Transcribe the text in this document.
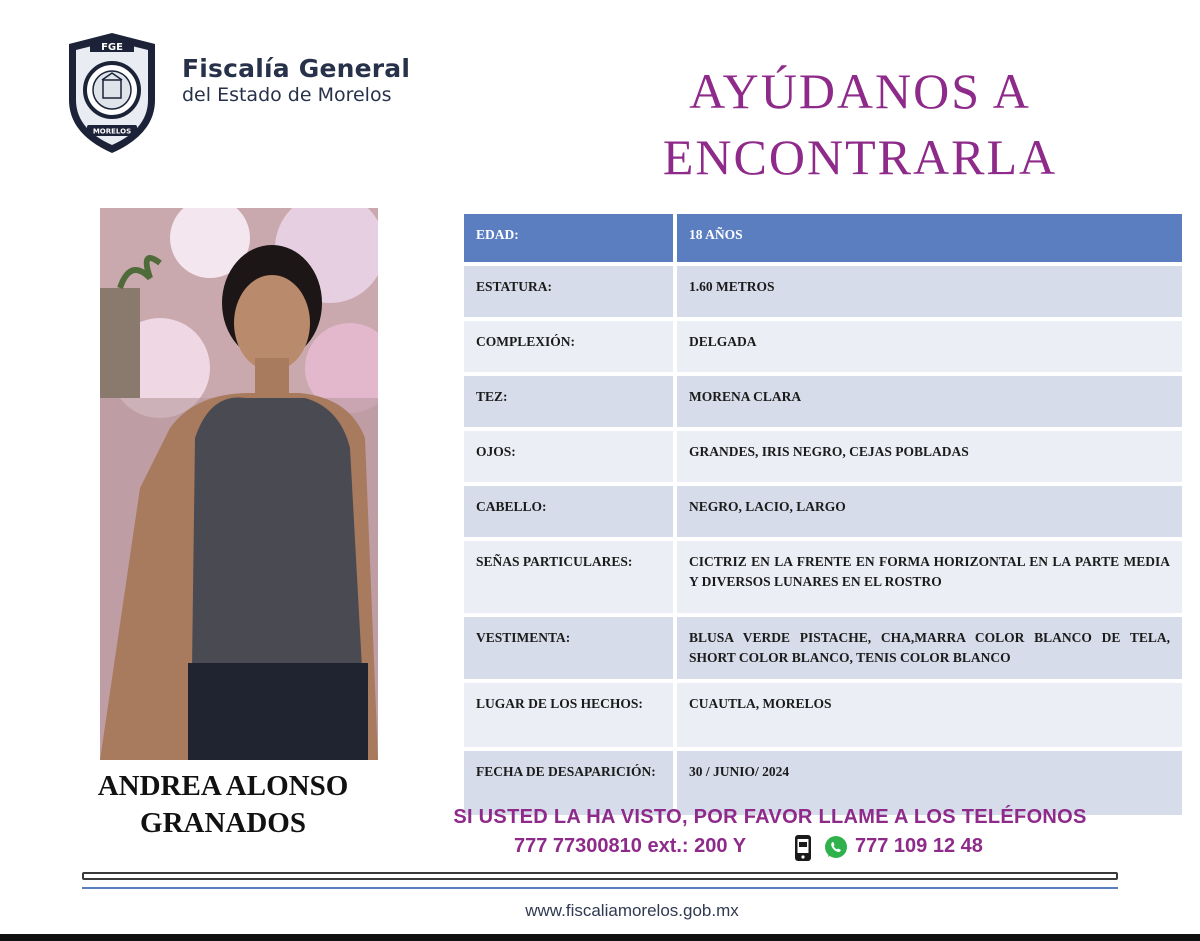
FGE
MORELOS
Fiscalía General
del Estado de Morelos	AYÚDANOS A
ENCONTRARLA
ANDREA ALONSO
GRANADOS
EDAD:	18 AÑOS
ESTATURA:	1.60 METROS
COMPLEXIÓN:	DELGADA
TEZ:	MORENA CLARA
OJOS:	GRANDES, IRIS NEGRO, CEJAS POBLADAS
CABELLO:	NEGRO, LACIO, LARGO
SEÑAS PARTICULARES:	CICTRIZ EN LA FRENTE EN FORMA HORIZONTAL EN LA PARTE MEDIA Y DIVERSOS LUNARES EN EL ROSTRO
VESTIMENTA:	BLUSA VERDE PISTACHE, CHA,MARRA COLOR BLANCO DE TELA, SHORT COLOR BLANCO, TENIS COLOR BLANCO
LUGAR DE LOS HECHOS:	CUAUTLA, MORELOS
FECHA DE DESAPARICIÓN:	30 / JUNIO/ 2024
SI USTED LA HA VISTO, POR FAVOR LLAME A LOS TELÉFONOS
777 77300810 ext.: 200 Y	777 109 12 48
www.fiscaliamorelos.gob.mx
